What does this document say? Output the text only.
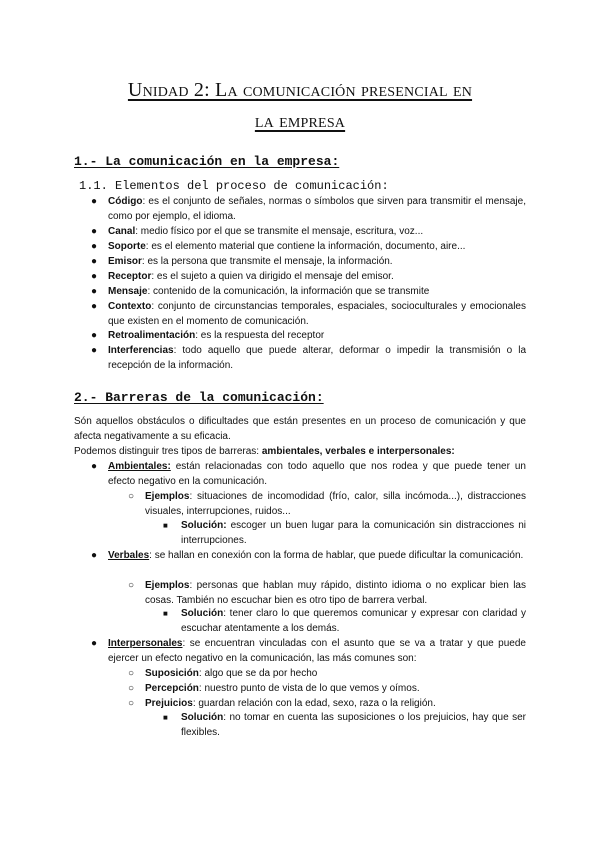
Unidad 2: La comunicación presencial en
la empresa
1.- La comunicación en la empresa:
1.1. Elementos del proceso de comunicación:
● Código: es el conjunto de señales, normas o símbolos que sirven para transmitir el mensaje, como por ejemplo, el idioma.

● Canal: medio físico por el que se transmite el mensaje, escritura, voz...

● Soporte: es el elemento material que contiene la información, documento, aire...

● Emisor: es la persona que transmite el mensaje, la información.

● Receptor: es el sujeto a quien va dirigido el mensaje del emisor.

● Mensaje: contenido de la comunicación, la información que se transmite

● Contexto: conjunto de circunstancias temporales, espaciales, socioculturales y emocionales que existen en el momento de comunicación.

● Retroalimentación: es la respuesta del receptor

● Interferencias: todo aquello que puede alterar, deformar o impedir la transmisión o la recepción de la información.

2.- Barreras de la comunicación:

Són aquellos obstáculos o dificultades que están presentes en un proceso de comunicación y que afecta negativamente a su eficacia.

Podemos distinguir tres tipos de barreras: ambientales, verbales e interpersonales:

● Ambientales: están relacionadas con todo aquello que nos rodea y que puede tener un efecto negativo en la comunicación.

○ Ejemplos: situaciones de incomodidad (frío, calor, silla incómoda...), distracciones visuales, interrupciones, ruidos...

■ Solución: escoger un buen lugar para la comunicación sin distracciones ni interrupciones.

● Verbales: se hallan en conexión con la forma de hablar, que puede dificultar la comunicación.

○ Ejemplos: personas que hablan muy rápido, distinto idioma o no explicar bien las cosas. También no escuchar bien es otro tipo de barrera verbal.

■ Solución: tener claro lo que queremos comunicar y expresar con claridad y escuchar atentamente a los demás.

● Interpersonales: se encuentran vinculadas con el asunto que se va a tratar y que puede ejercer un efecto negativo en la comunicación, las más comunes son:

○ Suposición: algo que se da por hecho

○ Percepción: nuestro punto de vista de lo que vemos y oímos.

○ Prejuicios: guardan relación con la edad, sexo, raza o la religión.

■ Solución: no tomar en cuenta las suposiciones o los prejuicios, hay que ser flexibles.
